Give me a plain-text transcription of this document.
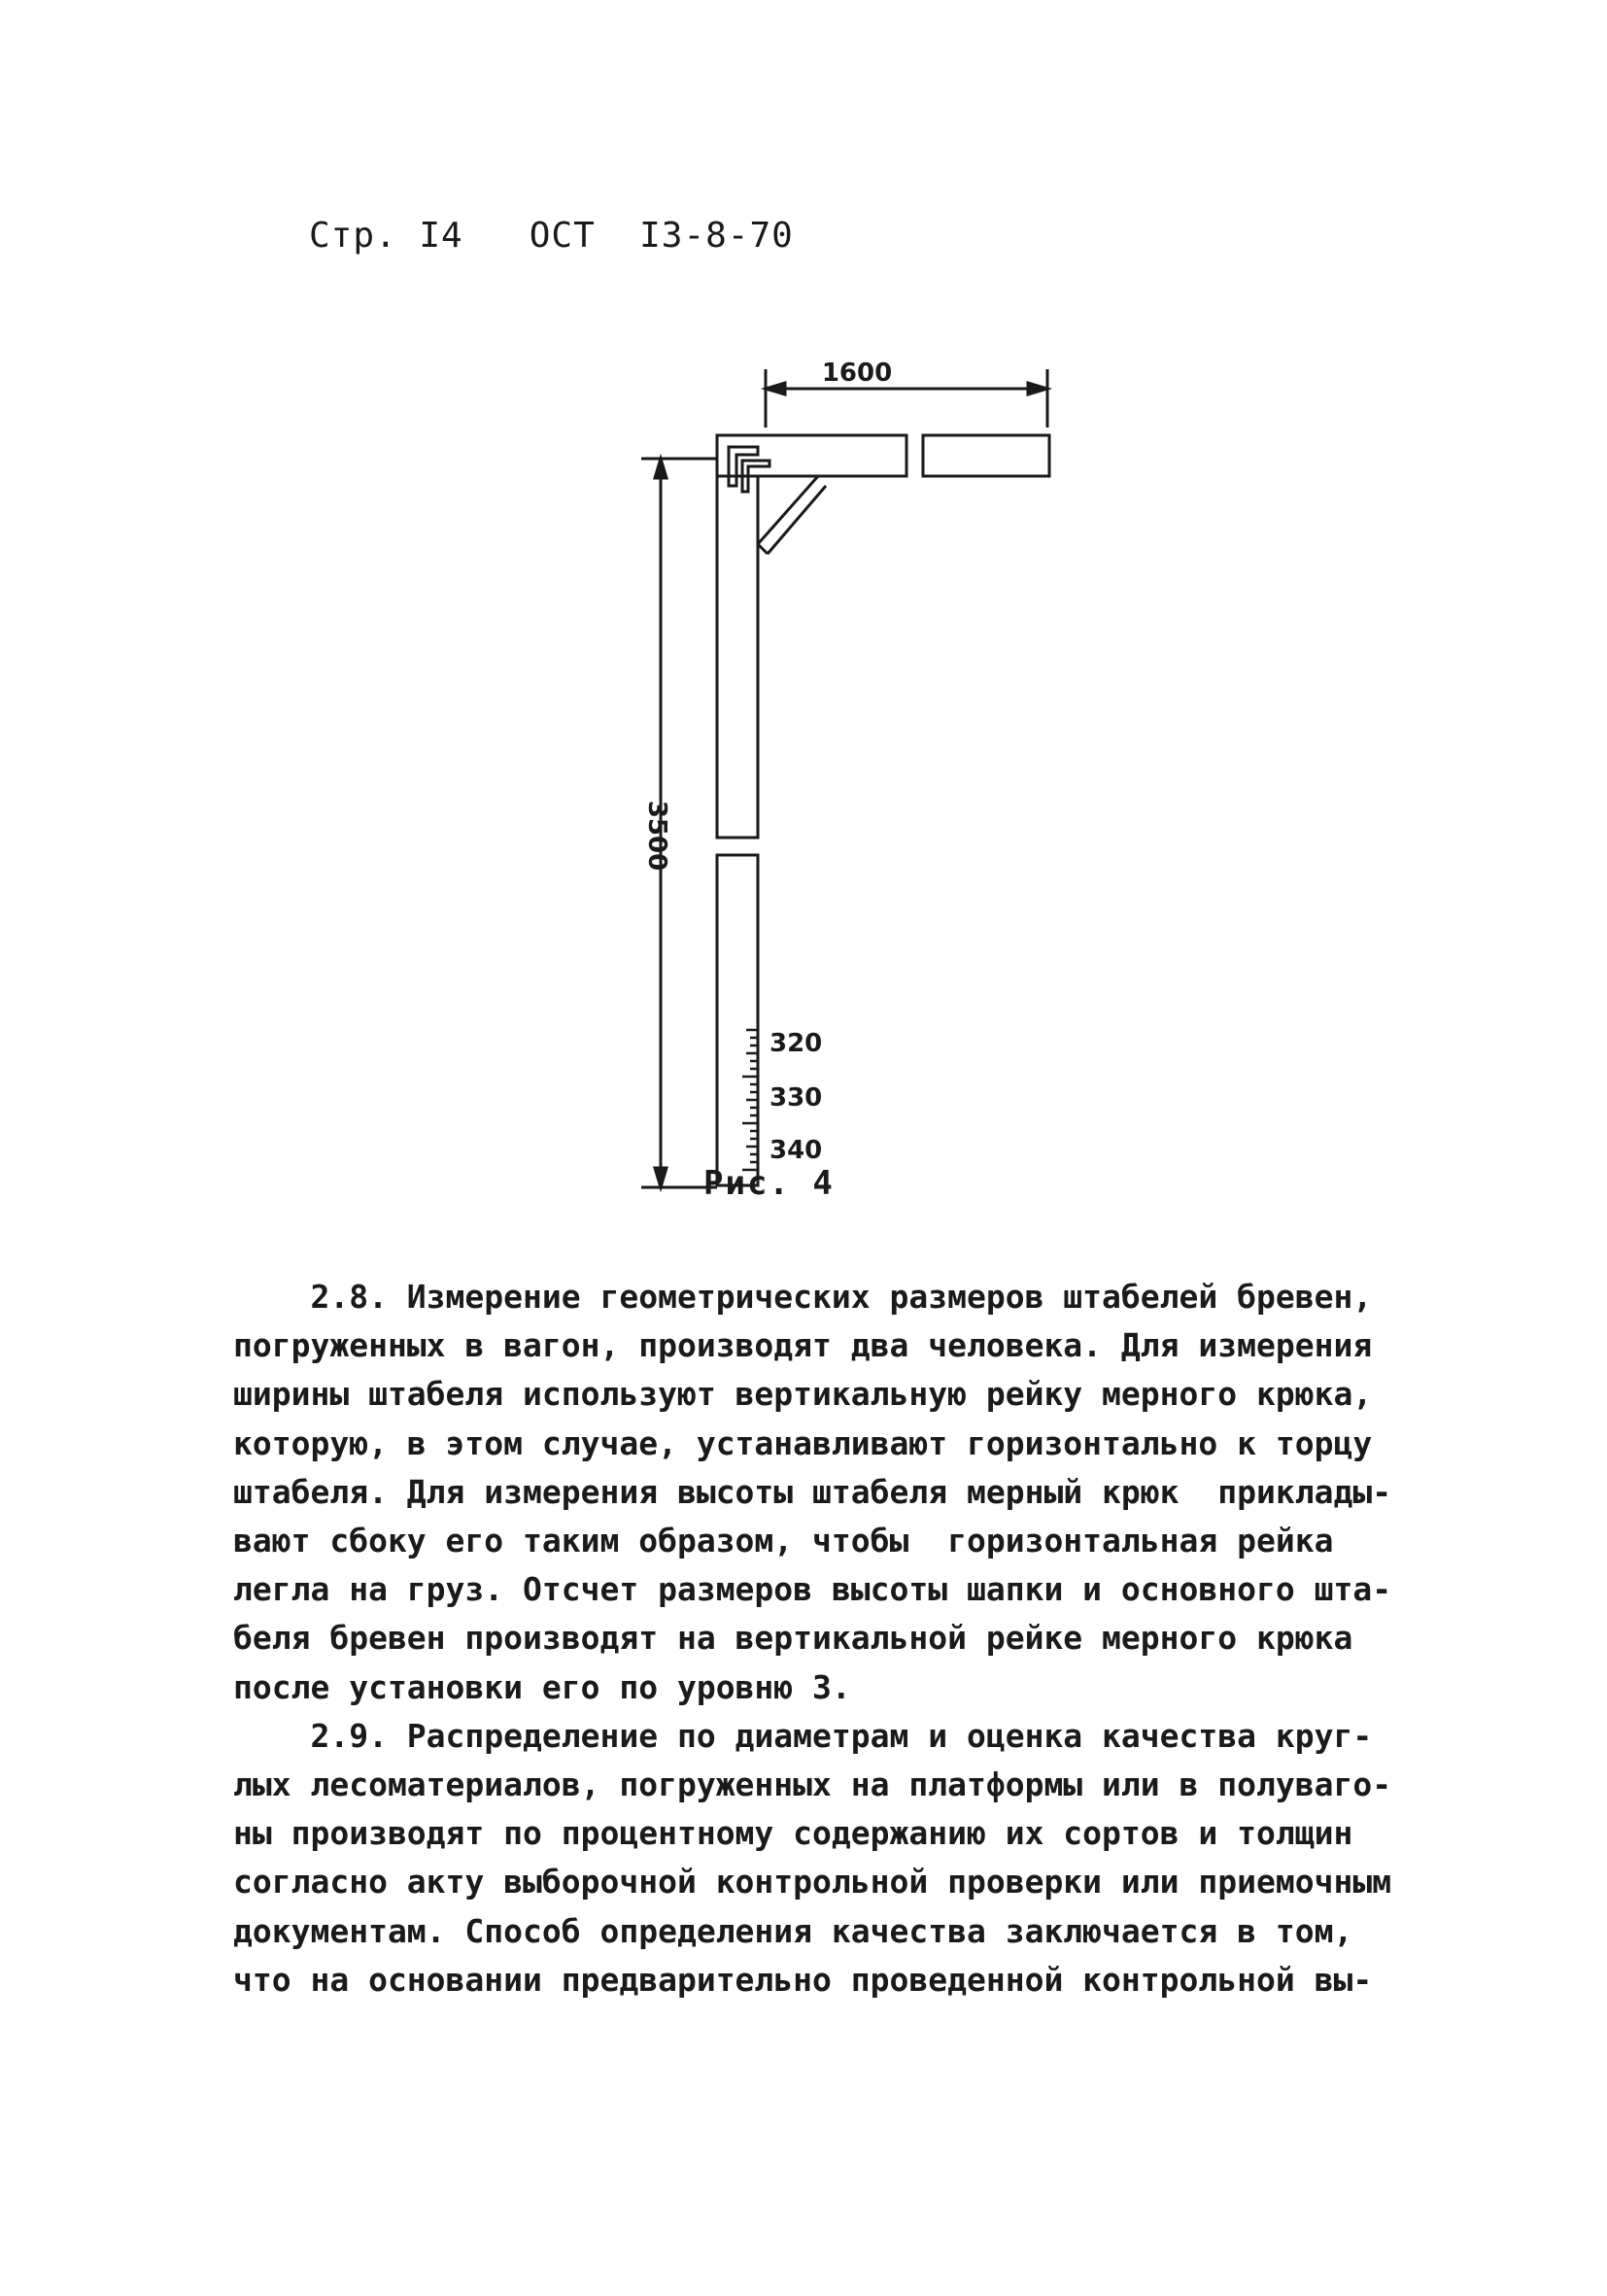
Стр. I4   ОСТ  I3-8-70
1600
3500
320
330
340
Рис. 4
2.8. Измерение геометрических размеров штабелей бревен,
погруженных в вагон, производят два человека. Для измерения
ширины штабеля используют вертикальную рейку мерного крюка,
которую, в этом случае, устанавливают горизонтально к торцу
штабеля. Для измерения высоты штабеля мерный крюк  приклады-
вают сбоку его таким образом, чтобы  горизонтальная рейка
легла на груз. Отсчет размеров высоты шапки и основного шта-
беля бревен производят на вертикальной рейке мерного крюка
после установки его по уровню 3.
2.9. Распределение по диаметрам и оценка качества круг-
лых лесоматериалов, погруженных на платформы или в полуваго-
ны производят по процентному содержанию их сортов и толщин
согласно акту выборочной контрольной проверки или приемочным
документам. Способ определения качества заключается в том,
что на основании предварительно проведенной контрольной вы-
